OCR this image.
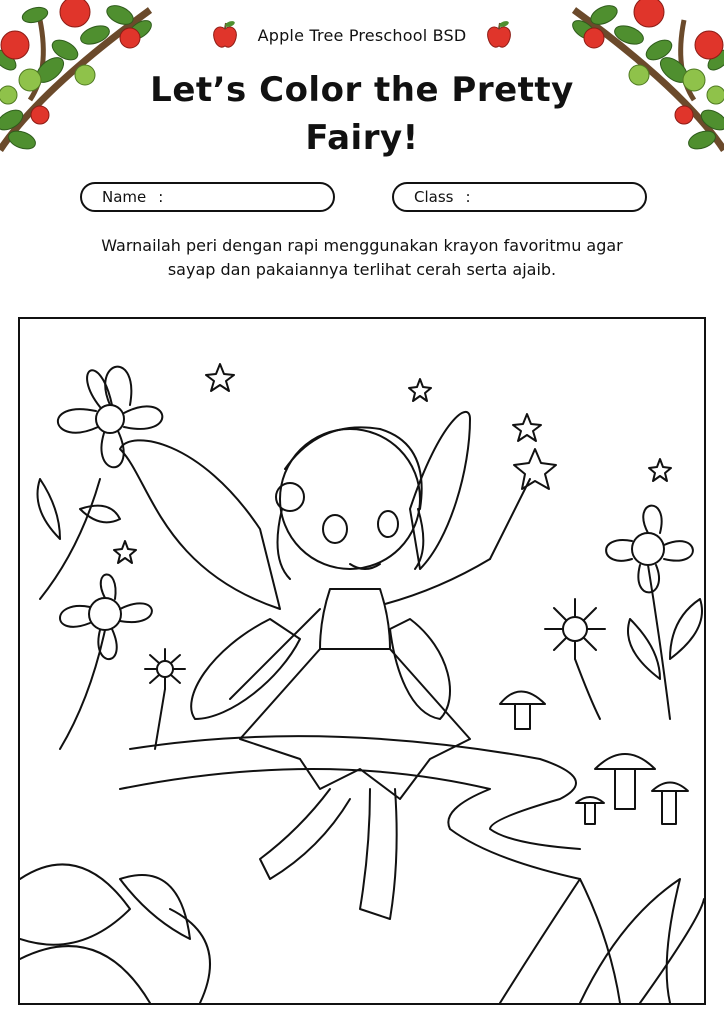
Apple Tree Preschool BSD
Let’s Color the Pretty
Fairy!
Name :	Class :
Warnailah peri dengan rapi menggunakan krayon favoritmu agar
sayap dan pakaiannya terlihat cerah serta ajaib.
